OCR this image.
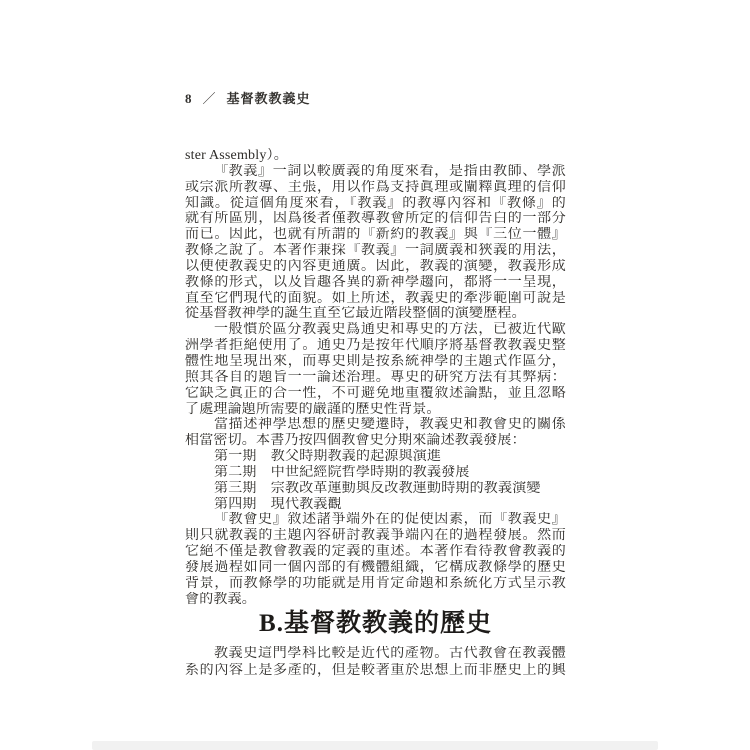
8 ／ 基督教教義史
ster Assembly）。
『教義』一詞以較廣義的角度來看，是指由教師、學派
或宗派所教導、主張，用以作爲支持眞理或闡釋眞理的信仰
知識。從這個角度來看，『教義』的教導內容和『教條』的
就有所區別，因爲後者僅教導教會所定的信仰告白的一部分
而已。因此，也就有所謂的『新約的教義』與『三位一體』
教條之說了。本著作兼採『教義』一詞廣義和狹義的用法，
以便使教義史的內容更通廣。因此，教義的演變，教義形成
教條的形式，以及旨趣各異的新神學趨向，都將一一呈現，
直至它們現代的面貌。如上所述，教義史的牽涉範圍可說是
從基督教神學的誕生直至它最近階段整個的演變歷程。
一般慣於區分教義史爲通史和專史的方法，已被近代歐
洲學者拒絕使用了。通史乃是按年代順序將基督教教義史整
體性地呈現出來，而專史則是按系統神學的主題式作區分，
照其各自的題旨一一論述治理。專史的研究方法有其弊病：
它缺乏眞正的合一性，不可避免地重覆敘述論點，並且忽略
了處理論題所需要的嚴謹的歷史性背景。
當描述神學思想的歷史變遷時，教義史和教會史的關係
相當密切。本書乃按四個教會史分期來論述教義發展：
第一期　教父時期教義的起源與演進
第二期　中世紀經院哲學時期的教義發展
第三期　宗教改革運動與反改教運動時期的教義演變
第四期　現代教義觀
『教會史』敘述諸爭端外在的促使因素，而『教義史』
則只就教義的主題內容研討教義爭端內在的過程發展。然而
它絕不僅是教會教義的定義的重述。本著作看待教會教義的
發展過程如同一個內部的有機體組織，它構成教條學的歷史
背景，而教條學的功能就是用肯定命題和系統化方式呈示教
會的教義。
B.基督教教義的歷史
教義史這門學科比較是近代的產物。古代教會在教義體
系的內容上是多產的，但是較著重於思想上而非歷史上的興
